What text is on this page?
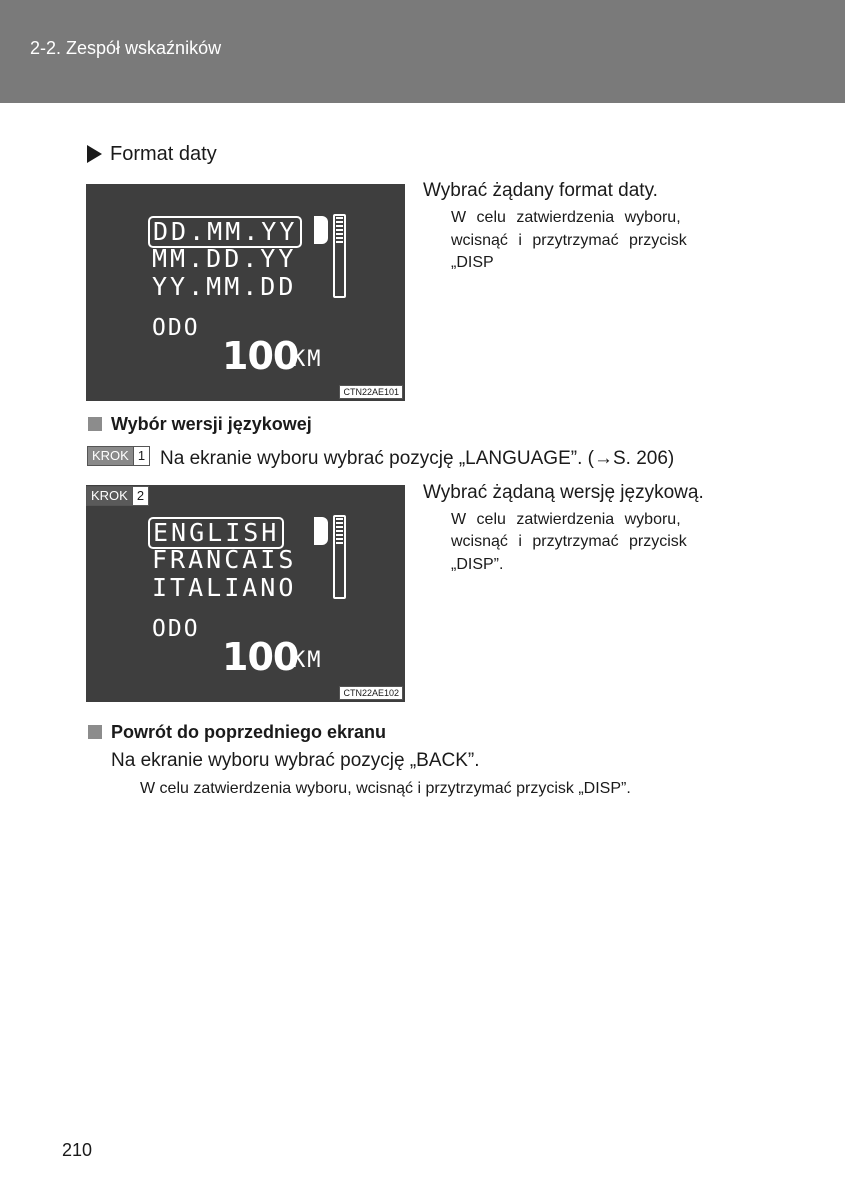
2-2. Zespół wskaźników
Format daty
DD.MM.YY
MM.DD.YY
YY.MM.DD
ODO
100
KM
CTN22AE101
Wybrać żądany format daty.
W celu zatwierdzenia wyboru,
wcisnąć i przytrzymać przycisk
„DISP
Wybór wersji językowej
KROK 1 Na ekranie wyboru wybrać pozycję „LANGUAGE”. (→S. 206)
ENGLISH
FRANCAIS
ITALIANO
ODO
100
KM
CTN22AE102
KROK 2	Wybrać żądaną wersję językową.
W celu zatwierdzenia wyboru,
wcisnąć i przytrzymać przycisk
„DISP”.
Powrót do poprzedniego ekranu
Na ekranie wyboru wybrać pozycję „BACK”.
W celu zatwierdzenia wyboru, wcisnąć i przytrzymać przycisk „DISP”.
210
